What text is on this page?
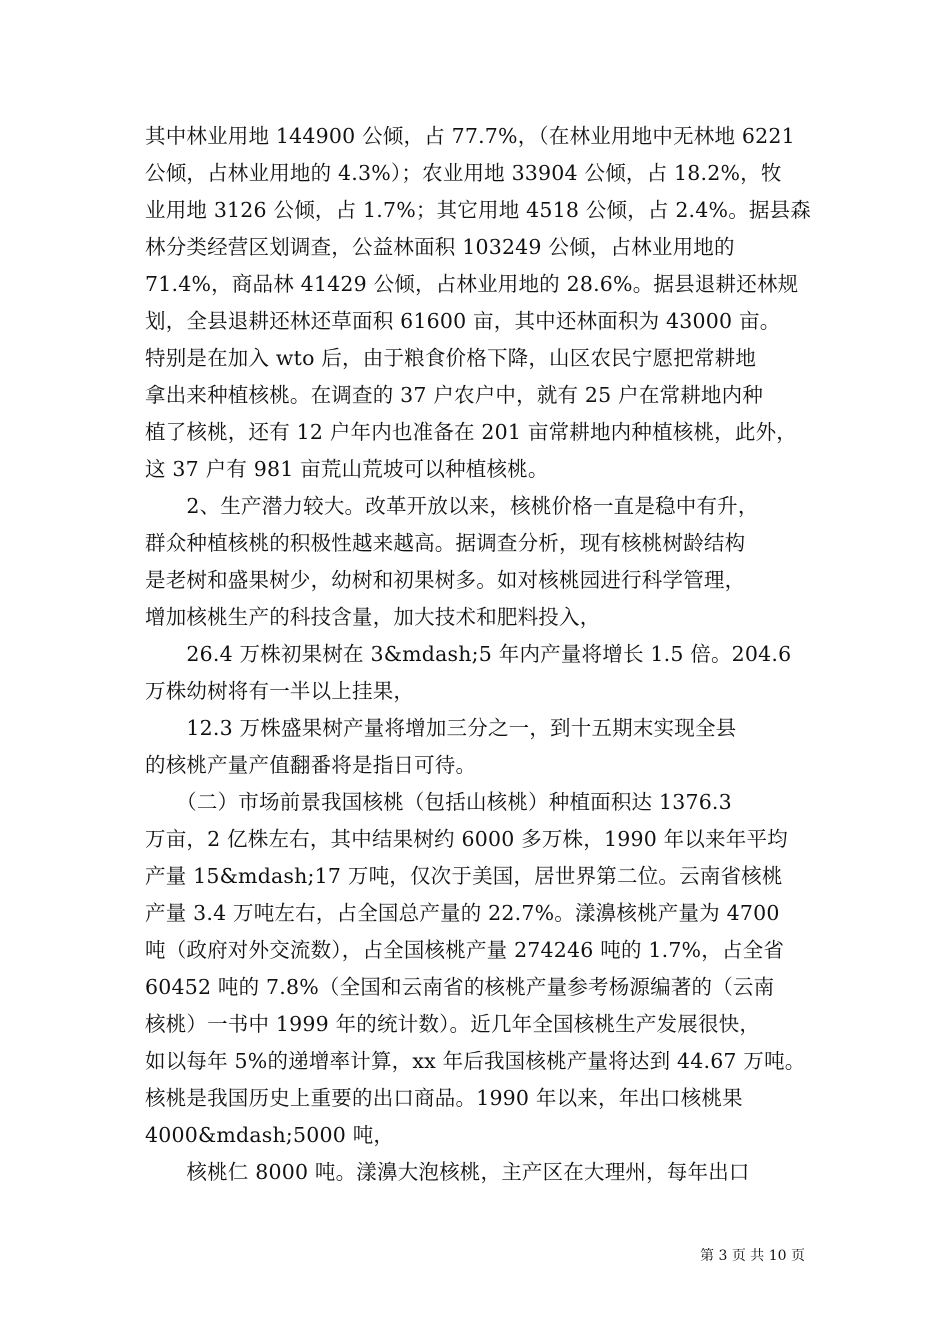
其中林业用地 144900 公倾，占 77.7%，（在林业用地中无林地 6221
公倾，占林业用地的 4.3%）；农业用地 33904 公倾，占 18.2%，牧
业用地 3126 公倾，占 1.7%；其它用地 4518 公倾，占 2.4%。据县森
林分类经营区划调查，公益林面积 103249 公倾，占林业用地的
71.4%，商品林 41429 公倾，占林业用地的 28.6%。据县退耕还林规
划，全县退耕还林还草面积 61600 亩，其中还林面积为 43000 亩。
特别是在加入 wto 后，由于粮食价格下降，山区农民宁愿把常耕地
拿出来种植核桃。在调查的 37 户农户中，就有 25 户在常耕地内种
植了核桃，还有 12 户年内也准备在 201 亩常耕地内种植核桃，此外，
这 37 户有 981 亩荒山荒坡可以种植核桃。
　　2、生产潜力较大。改革开放以来，核桃价格一直是稳中有升，
群众种植核桃的积极性越来越高。据调查分析，现有核桃树龄结构
是老树和盛果树少，幼树和初果树多。如对核桃园进行科学管理，
增加核桃生产的科技含量，加大技术和肥料投入，
　　26.4 万株初果树在 3&mdash;5 年内产量将增长 1.5 倍。204.6
万株幼树将有一半以上挂果，
　　12.3 万株盛果树产量将增加三分之一，到十五期末实现全县
的核桃产量产值翻番将是指日可待。
　　（二）市场前景我国核桃（包括山核桃）种植面积达 1376.3
万亩，2 亿株左右，其中结果树约 6000 多万株，1990 年以来年平均
产量 15&mdash;17 万吨，仅次于美国，居世界第二位。云南省核桃
产量 3.4 万吨左右，占全国总产量的 22.7%。漾濞核桃产量为 4700
吨（政府对外交流数），占全国核桃产量 274246 吨的 1.7%，占全省
60452 吨的 7.8%（全国和云南省的核桃产量参考杨源编著的（云南
核桃）一书中 1999 年的统计数）。近几年全国核桃生产发展很快，
如以每年 5%的递增率计算，xx 年后我国核桃产量将达到 44.67 万吨。
核桃是我国历史上重要的出口商品。1990 年以来，年出口核桃果
4000&mdash;5000 吨，
　　核桃仁 8000 吨。漾濞大泡核桃，主产区在大理州，每年出口
第 3 页 共 10 页
